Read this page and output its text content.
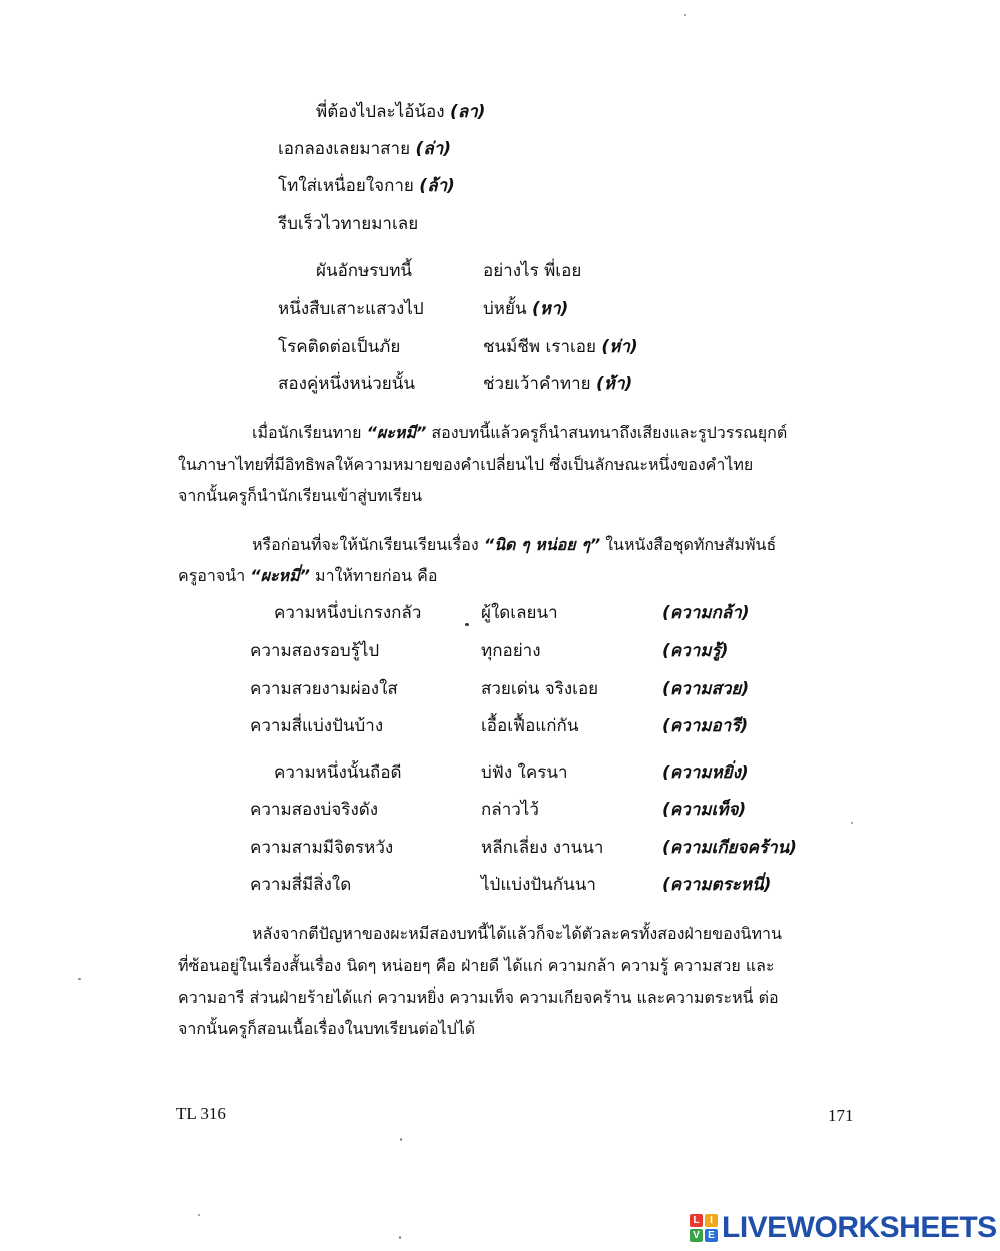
พี่ต้องไปละไอ้น้อง (ลา)
เอกลองเลยมาสาย (ล่า)
โทใส่เหนื่อยใจกาย (ล้า)
รีบเร็วไวทายมาเลย
ผันอักษรบทนี้	อย่างไร พี่เอย
หนึ่งสืบเสาะแสวงไป	บ่หยั้น (หา)
โรคติดต่อเป็นภัย	ชนม์ชีพ เราเอย (ห่า)
สองคู่หนึ่งหน่วยนั้น	ช่วยเว้าคำทาย (ห้า)
เมื่อนักเรียนทาย “ผะหมี” สองบทนี้แล้วครูก็นำสนทนาถึงเสียงและรูปวรรณยุกต์
ในภาษาไทยที่มีอิทธิพลให้ความหมายของคำเปลี่ยนไป ซึ่งเป็นลักษณะหนึ่งของคำไทย
จากนั้นครูก็นำนักเรียนเข้าสู่บทเรียน
หรือก่อนที่จะให้นักเรียนเรียนเรื่อง “นิด ๆ หน่อย ๆ” ในหนังสือชุดทักษสัมพันธ์
ครูอาจนำ “ผะหมี่” มาให้ทายก่อน คือ
ความหนึ่งบ่เกรงกลัว	ผู้ใดเลยนา	(ความกล้า)
ความสองรอบรู้ไป	ทุกอย่าง	(ความรู้)
ความสวยงามผ่องใส	สวยเด่น จริงเอย	(ความสวย)
ความสี่แบ่งปันบ้าง	เอื้อเฟื้อแก่กัน	(ความอารี)
ความหนึ่งนั้นถือดี	บ่ฟัง ใครนา	(ความหยิ่ง)
ความสองบ่จริงดัง	กล่าวไว้	(ความเท็จ)
ความสามมีจิตรหวัง	หลีกเลี่ยง งานนา	(ความเกียจคร้าน)
ความสี่มีสิ่งใด	ไป่แบ่งปันกันนา	(ความตระหนี่)
หลังจากตีปัญหาของผะหมีสองบทนี้ได้แล้วก็จะได้ตัวละครทั้งสองฝ่ายของนิทาน
ที่ซ้อนอยู่ในเรื่องสั้นเรื่อง นิดๆ หน่อยๆ คือ ฝ่ายดี ได้แก่ ความกล้า ความรู้ ความสวย และ
ความอารี ส่วนฝ่ายร้ายได้แก่ ความหยิ่ง ความเท็จ ความเกียจคร้าน และความตระหนี่ ต่อ
จากนั้นครูก็สอนเนื้อเรื่องในบทเรียนต่อไปได้
TL 316	171
L	I
V E LIVEWORKSHEETS
